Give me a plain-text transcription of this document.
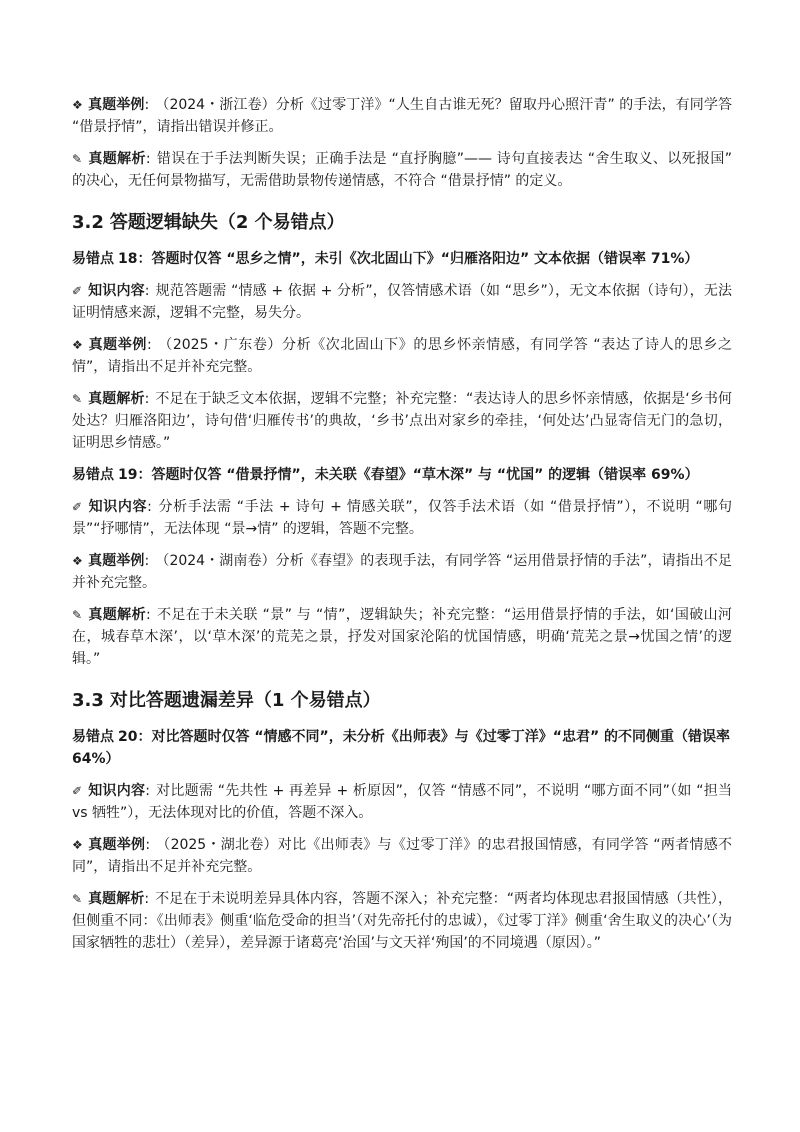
❖ 真题举例: （2024・浙江卷）分析《过零丁洋》“人生自古谁无死？留取丹心照汗青” 的手法，有同学答 “借景抒情”，请指出错误并修正。

✎ 真题解析: 错误在于手法判断失误；正确手法是 “直抒胸臆”—— 诗句直接表达 “舍生取义、以死报国” 的决心，无任何景物描写，无需借助景物传递情感，不符合 “借景抒情” 的定义。

3.2 答题逻辑缺失（2 个易错点）
易错点 18：答题时仅答 “思乡之情”，未引《次北固山下》“归雁洛阳边” 文本依据（错误率 71%）

✐ 知识内容: 规范答题需 “情感 + 依据 + 分析”，仅答情感术语（如 “思乡”），无文本依据（诗句），无法证明情感来源，逻辑不完整，易失分。

❖ 真题举例: （2025・广东卷）分析《次北固山下》的思乡怀亲情感，有同学答 “表达了诗人的思乡之情”，请指出不足并补充完整。

✎ 真题解析: 不足在于缺乏文本依据，逻辑不完整；补充完整：“表达诗人的思乡怀亲情感，依据是‘乡书何处达？归雁洛阳边’，诗句借‘归雁传书’的典故，‘乡书’点出对家乡的牵挂，‘何处达’凸显寄信无门的急切，证明思乡情感。”

易错点 19：答题时仅答 “借景抒情”，未关联《春望》“草木深” 与 “忧国” 的逻辑（错误率 69%）

✐ 知识内容: 分析手法需 “手法 + 诗句 + 情感关联”，仅答手法术语（如 “借景抒情”），不说明 “哪句景”“抒哪情”，无法体现 “景→情” 的逻辑，答题不完整。

❖ 真题举例: （2024・湖南卷）分析《春望》的表现手法，有同学答 “运用借景抒情的手法”，请指出不足并补充完整。

✎ 真题解析: 不足在于未关联 “景” 与 “情”，逻辑缺失；补充完整：“运用借景抒情的手法，如‘国破山河在，城春草木深’，以‘草木深’的荒芜之景，抒发对国家沦陷的忧国情感，明确‘荒芜之景→忧国之情’的逻辑。”

3.3 对比答题遗漏差异（1 个易错点）
易错点 20：对比答题时仅答 “情感不同”，未分析《出师表》与《过零丁洋》“忠君” 的不同侧重（错误率 64%）

✐ 知识内容: 对比题需 “先共性 + 再差异 + 析原因”，仅答 “情感不同”，不说明 “哪方面不同”（如 “担当 vs 牺牲”），无法体现对比的价值，答题不深入。

❖ 真题举例: （2025・湖北卷）对比《出师表》与《过零丁洋》的忠君报国情感，有同学答 “两者情感不同”，请指出不足并补充完整。

✎ 真题解析: 不足在于未说明差异具体内容，答题不深入；补充完整：“两者均体现忠君报国情感（共性），但侧重不同：《出师表》侧重‘临危受命的担当’（对先帝托付的忠诚），《过零丁洋》侧重‘舍生取义的决心’（为国家牺牲的悲壮）（差异），差异源于诸葛亮‘治国’与文天祥‘殉国’的不同境遇（原因）。”
